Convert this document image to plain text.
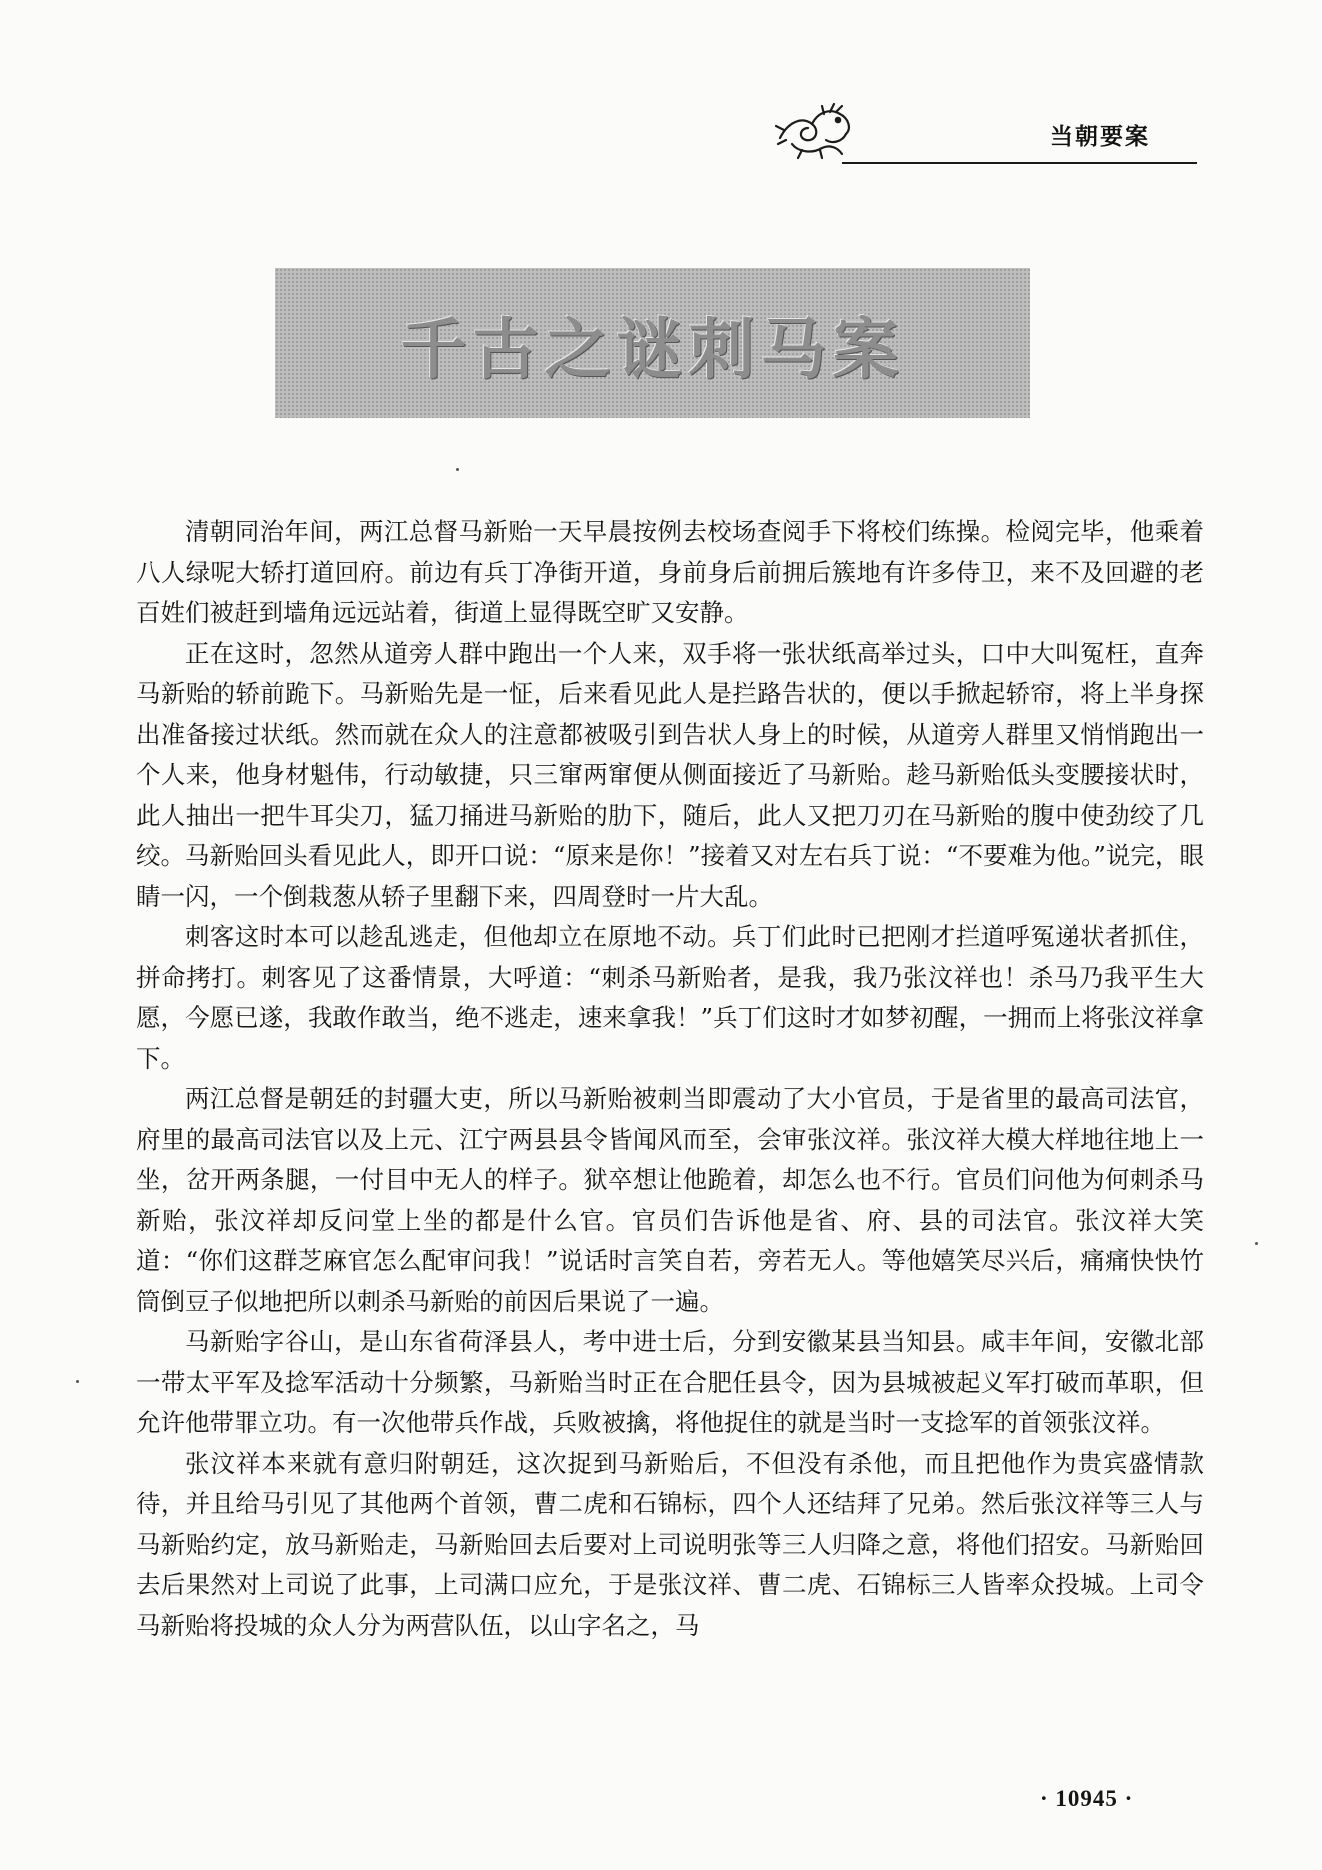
当朝要案
千古之谜刺马案

清朝同治年间，两江总督马新贻一天早晨按例去校场查阅手下将校们练操。检阅完毕，他乘着八人绿呢大轿打道回府。前边有兵丁净街开道，身前身后前拥后簇地有许多侍卫，来不及回避的老百姓们被赶到墙角远远站着，街道上显得既空旷又安静。

正在这时，忽然从道旁人群中跑出一个人来，双手将一张状纸高举过头，口中大叫冤枉，直奔马新贻的轿前跪下。马新贻先是一怔，后来看见此人是拦路告状的，便以手掀起轿帘，将上半身探出准备接过状纸。然而就在众人的注意都被吸引到告状人身上的时候，从道旁人群里又悄悄跑出一个人来，他身材魁伟，行动敏捷，只三窜两窜便从侧面接近了马新贻。趁马新贻低头变腰接状时，此人抽出一把牛耳尖刀，猛刀捅进马新贻的肋下，随后，此人又把刀刃在马新贻的腹中使劲绞了几绞。马新贻回头看见此人，即开口说：“原来是你！”接着又对左右兵丁说：“不要难为他。”说完，眼睛一闪，一个倒栽葱从轿子里翻下来，四周登时一片大乱。

刺客这时本可以趁乱逃走，但他却立在原地不动。兵丁们此时已把刚才拦道呼冤递状者抓住，拼命拷打。刺客见了这番情景，大呼道：“刺杀马新贻者，是我，我乃张汶祥也！杀马乃我平生大愿，今愿已遂，我敢作敢当，绝不逃走，速来拿我！”兵丁们这时才如梦初醒，一拥而上将张汶祥拿下。

两江总督是朝廷的封疆大吏，所以马新贻被刺当即震动了大小官员，于是省里的最高司法官，府里的最高司法官以及上元、江宁两县县令皆闻风而至，会审张汶祥。张汶祥大模大样地往地上一坐，岔开两条腿，一付目中无人的样子。狱卒想让他跪着，却怎么也不行。官员们问他为何刺杀马新贻，张汶祥却反问堂上坐的都是什么官。官员们告诉他是省、府、县的司法官。张汶祥大笑道：“你们这群芝麻官怎么配审问我！”说话时言笑自若，旁若无人。等他嬉笑尽兴后，痛痛快快竹筒倒豆子似地把所以刺杀马新贻的前因后果说了一遍。

马新贻字谷山，是山东省荷泽县人，考中进士后，分到安徽某县当知县。咸丰年间，安徽北部一带太平军及捻军活动十分频繁，马新贻当时正在合肥任县令，因为县城被起义军打破而革职，但允许他带罪立功。有一次他带兵作战，兵败被擒，将他捉住的就是当时一支捻军的首领张汶祥。

张汶祥本来就有意归附朝廷，这次捉到马新贻后，不但没有杀他，而且把他作为贵宾盛情款待，并且给马引见了其他两个首领，曹二虎和石锦标，四个人还结拜了兄弟。然后张汶祥等三人与马新贻约定，放马新贻走，马新贻回去后要对上司说明张等三人归降之意，将他们招安。马新贻回去后果然对上司说了此事，上司满口应允，于是张汶祥、曹二虎、石锦标三人皆率众投城。上司令马新贻将投城的众人分为两营队伍，以山字名之，马

· 10945 ·
